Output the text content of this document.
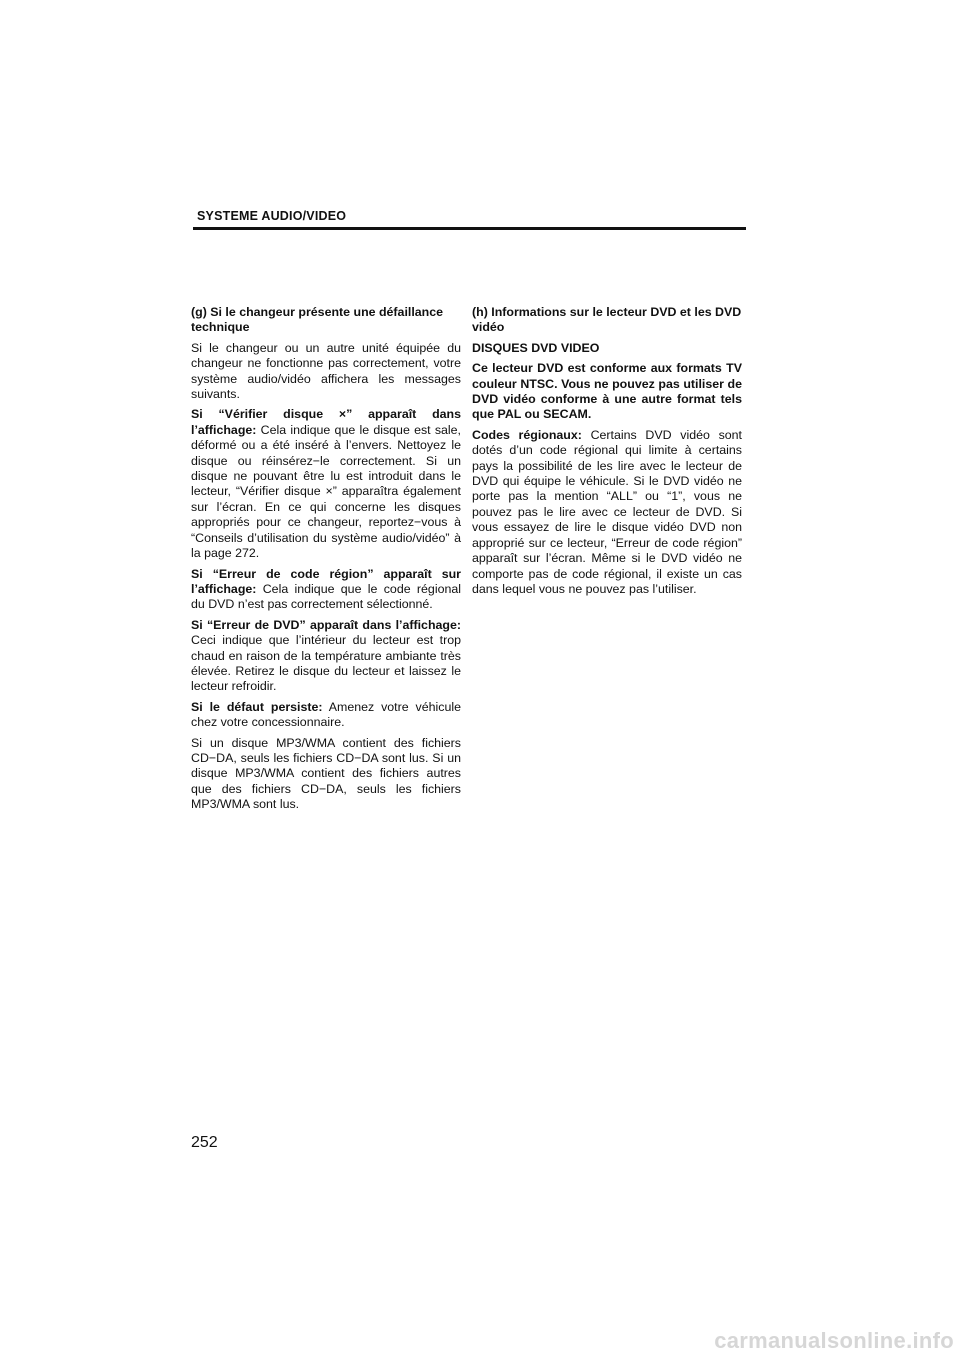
SYSTEME AUDIO/VIDEO

(g) Si le changeur présente une défaillance technique

Si le changeur ou un autre unité équipée du changeur ne fonctionne pas correctement, votre système audio/vidéo affichera les messages suivants.

Si “Vérifier disque ×” apparaît dans l’affichage: Cela indique que le disque est sale, déformé ou a été inséré à l’envers. Nettoyez le disque ou réinsérez−le correctement. Si un disque ne pouvant être lu est introduit dans le lecteur, “Vérifier disque ×” apparaîtra également sur l’écran. En ce qui concerne les disques appropriés pour ce changeur, reportez−vous à “Conseils d’utilisation du système audio/vidéo” à la page 272.

Si “Erreur de code région” apparaît sur l’affichage: Cela indique que le code régional du DVD n’est pas correctement sélectionné.

Si “Erreur de DVD” apparaît dans l’affichage: Ceci indique que l’intérieur du lecteur est trop chaud en raison de la température ambiante très élevée. Retirez le disque du lecteur et laissez le lecteur refroidir.

Si le défaut persiste: Amenez votre véhicule chez votre concessionnaire.

Si un disque MP3/WMA contient des fichiers CD−DA, seuls les fichiers CD−DA sont lus. Si un disque MP3/WMA contient des fichiers autres que des fichiers CD−DA, seuls les fichiers MP3/WMA sont lus.

(h) Informations sur le lecteur DVD et les DVD vidéo

DISQUES DVD VIDEO

Ce lecteur DVD est conforme aux formats TV couleur NTSC. Vous ne pouvez pas utiliser de DVD vidéo conforme à une autre format tels que PAL ou SECAM.

Codes régionaux: Certains DVD vidéo sont dotés d’un code régional qui limite à certains pays la possibilité de les lire avec le lecteur de DVD qui équipe le véhicule. Si le DVD vidéo ne porte pas la mention “ALL” ou “1”, vous ne pouvez pas le lire avec ce lecteur de DVD. Si vous essayez de lire le disque vidéo DVD non approprié sur ce lecteur, “Erreur de code région” apparaît sur l’écran. Même si le DVD vidéo ne comporte pas de code régional, il existe un cas dans lequel vous ne pouvez pas l’utiliser.

252
carmanualsonline.info
